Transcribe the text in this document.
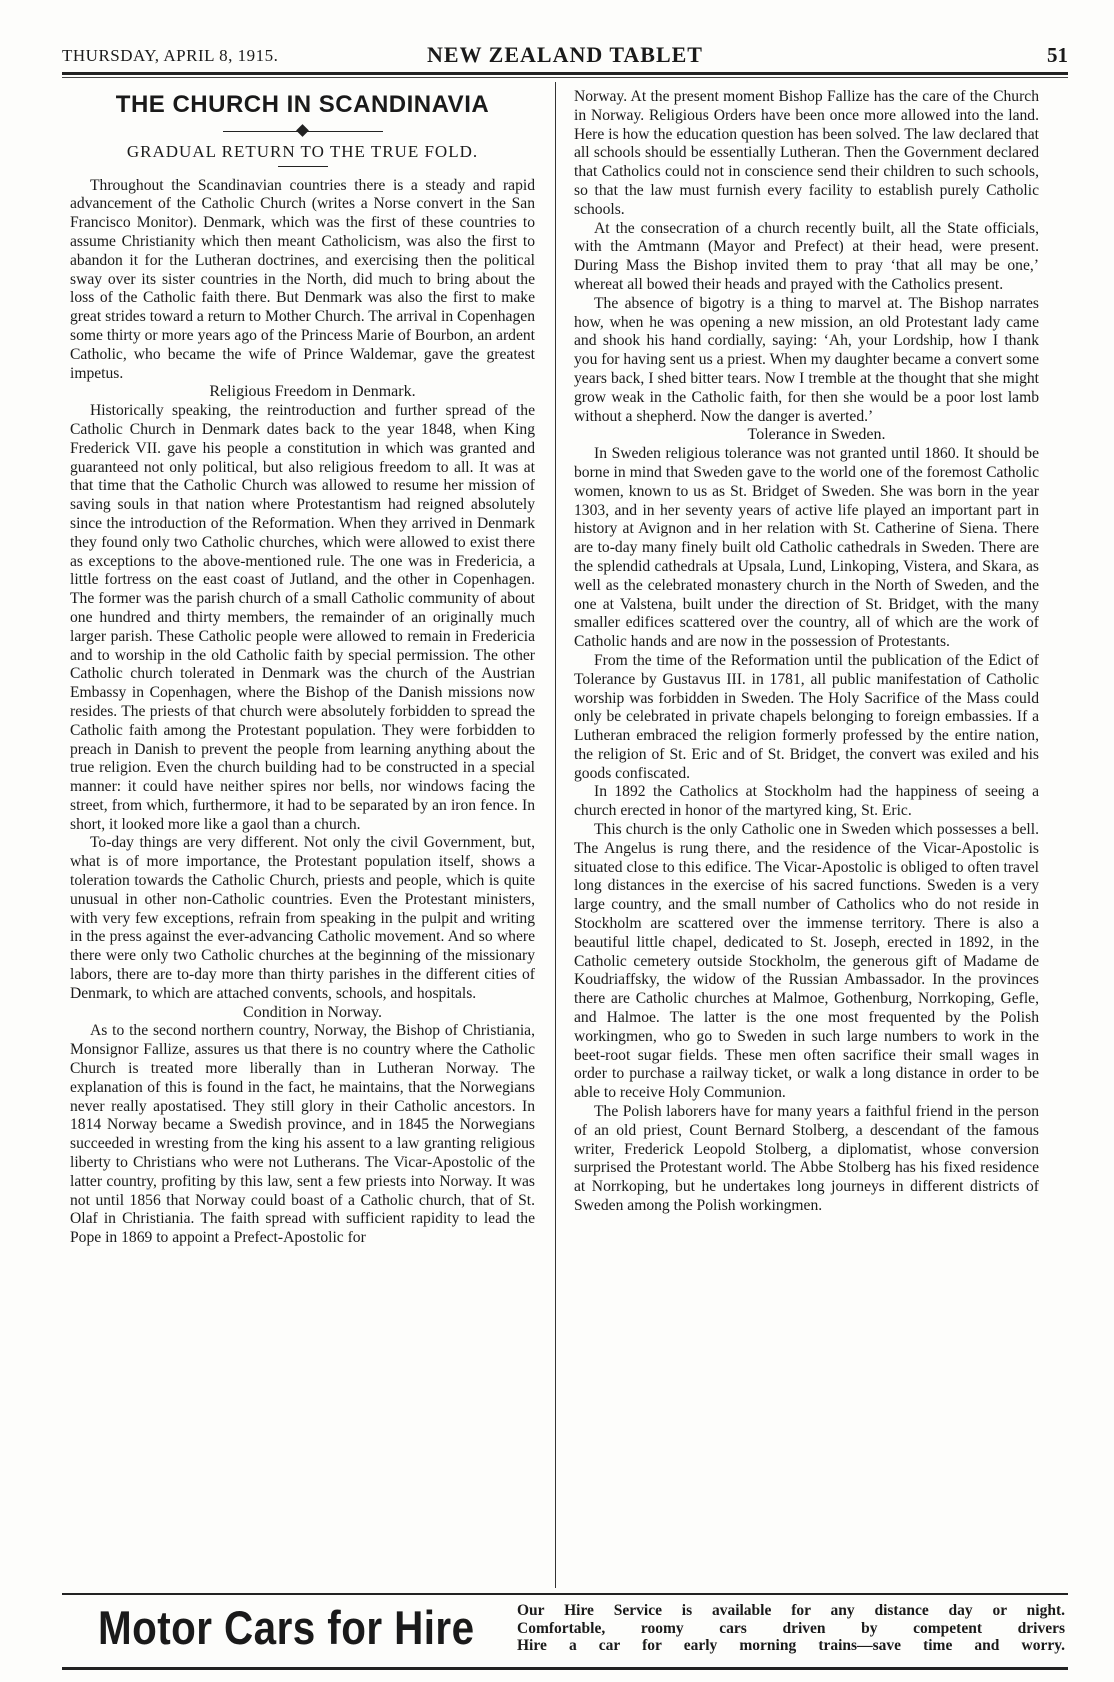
THURSDAY, APRIL 8, 1915.	NEW ZEALAND TABLET	51
THE CHURCH IN SCANDINAVIA
GRADUAL RETURN TO THE TRUE FOLD.

Throughout the Scandinavian countries there is a steady and rapid advancement of the Catholic Church (writes a Norse convert in the San Francisco Monitor). Denmark, which was the first of these countries to assume Christianity which then meant Catholicism, was also the first to abandon it for the Lutheran doctrines, and exercising then the political sway over its sister countries in the North, did much to bring about the loss of the Catholic faith there. But Denmark was also the first to make great strides toward a return to Mother Church. The arrival in Copenhagen some thirty or more years ago of the Princess Marie of Bourbon, an ardent Catholic, who became the wife of Prince Waldemar, gave the greatest impetus.

Religious Freedom in Denmark.

Historically speaking, the reintroduction and further spread of the Catholic Church in Denmark dates back to the year 1848, when King Frederick VII. gave his people a constitution in which was granted and guaranteed not only political, but also religious freedom to all. It was at that time that the Catholic Church was allowed to resume her mission of saving souls in that nation where Protestantism had reigned absolutely since the introduction of the Reformation. When they arrived in Denmark they found only two Catholic churches, which were allowed to exist there as exceptions to the above-mentioned rule. The one was in Fredericia, a little fortress on the east coast of Jutland, and the other in Copenhagen. The former was the parish church of a small Catholic community of about one hundred and thirty members, the remainder of an originally much larger parish. These Catholic people were allowed to remain in Fredericia and to worship in the old Catholic faith by special permission. The other Catholic church tolerated in Denmark was the church of the Austrian Embassy in Copenhagen, where the Bishop of the Danish missions now resides. The priests of that church were absolutely forbidden to spread the Catholic faith among the Protestant population. They were forbidden to preach in Danish to prevent the people from learning anything about the true religion. Even the church building had to be constructed in a special manner: it could have neither spires nor bells, nor windows facing the street, from which, furthermore, it had to be separated by an iron fence. In short, it looked more like a gaol than a church.

To-day things are very different. Not only the civil Government, but, what is of more importance, the Protestant population itself, shows a toleration towards the Catholic Church, priests and people, which is quite unusual in other non-Catholic countries. Even the Protestant ministers, with very few exceptions, refrain from speaking in the pulpit and writing in the press against the ever-advancing Catholic movement. And so where there were only two Catholic churches at the beginning of the missionary labors, there are to-day more than thirty parishes in the different cities of Denmark, to which are attached convents, schools, and hospitals.

Condition in Norway.

As to the second northern country, Norway, the Bishop of Christiania, Monsignor Fallize, assures us that there is no country where the Catholic Church is treated more liberally than in Lutheran Norway. The explanation of this is found in the fact, he maintains, that the Norwegians never really apostatised. They still glory in their Catholic ancestors. In 1814 Norway became a Swedish province, and in 1845 the Norwegians succeeded in wresting from the king his assent to a law granting religious liberty to Christians who were not Lutherans. The Vicar-Apostolic of the latter country, profiting by this law, sent a few priests into Norway. It was not until 1856 that Norway could boast of a Catholic church, that of St. Olaf in Christiania. The faith spread with sufficient rapidity to lead the Pope in 1869 to appoint a Prefect-Apostolic for

Norway. At the present moment Bishop Fallize has the care of the Church in Norway. Religious Orders have been once more allowed into the land. Here is how the education question has been solved. The law declared that all schools should be essentially Lutheran. Then the Government declared that Catholics could not in conscience send their children to such schools, so that the law must furnish every facility to establish purely Catholic schools.

At the consecration of a church recently built, all the State officials, with the Amtmann (Mayor and Prefect) at their head, were present. During Mass the Bishop invited them to pray ‘that all may be one,’ whereat all bowed their heads and prayed with the Catholics present.

The absence of bigotry is a thing to marvel at. The Bishop narrates how, when he was opening a new mission, an old Protestant lady came and shook his hand cordially, saying: ‘Ah, your Lordship, how I thank you for having sent us a priest. When my daughter became a convert some years back, I shed bitter tears. Now I tremble at the thought that she might grow weak in the Catholic faith, for then she would be a poor lost lamb without a shepherd. Now the danger is averted.’

Tolerance in Sweden.

In Sweden religious tolerance was not granted until 1860. It should be borne in mind that Sweden gave to the world one of the foremost Catholic women, known to us as St. Bridget of Sweden. She was born in the year 1303, and in her seventy years of active life played an important part in history at Avignon and in her relation with St. Catherine of Siena. There are to-day many finely built old Catholic cathedrals in Sweden. There are the splendid cathedrals at Upsala, Lund, Linkoping, Vistera, and Skara, as well as the celebrated monastery church in the North of Sweden, and the one at Valstena, built under the direction of St. Bridget, with the many smaller edifices scattered over the country, all of which are the work of Catholic hands and are now in the possession of Protestants.

From the time of the Reformation until the publication of the Edict of Tolerance by Gustavus III. in 1781, all public manifestation of Catholic worship was forbidden in Sweden. The Holy Sacrifice of the Mass could only be celebrated in private chapels belonging to foreign embassies. If a Lutheran embraced the religion formerly professed by the entire nation, the religion of St. Eric and of St. Bridget, the convert was exiled and his goods confiscated.

In 1892 the Catholics at Stockholm had the happiness of seeing a church erected in honor of the martyred king, St. Eric.

This church is the only Catholic one in Sweden which possesses a bell. The Angelus is rung there, and the residence of the Vicar-Apostolic is situated close to this edifice. The Vicar-Apostolic is obliged to often travel long distances in the exercise of his sacred functions. Sweden is a very large country, and the small number of Catholics who do not reside in Stockholm are scattered over the immense territory. There is also a beautiful little chapel, dedicated to St. Joseph, erected in 1892, in the Catholic cemetery outside Stockholm, the generous gift of Madame de Koudriaffsky, the widow of the Russian Ambassador. In the provinces there are Catholic churches at Malmoe, Gothenburg, Norrkoping, Gefle, and Halmoe. The latter is the one most frequented by the Polish workingmen, who go to Sweden in such large numbers to work in the beet-root sugar fields. These men often sacrifice their small wages in order to purchase a railway ticket, or walk a long distance in order to be able to receive Holy Communion.

The Polish laborers have for many years a faithful friend in the person of an old priest, Count Bernard Stolberg, a descendant of the famous writer, Frederick Leopold Stolberg, a diplomatist, whose conversion surprised the Protestant world. The Abbe Stolberg has his fixed residence at Norrkoping, but he undertakes long journeys in different districts of Sweden among the Polish workingmen.

Motor Cars for Hire	Our Hire Service is available for any distance day or night.
Comfortable, roomy cars driven by competent drivers
Hire a car for early morning trains—save time and worry.
